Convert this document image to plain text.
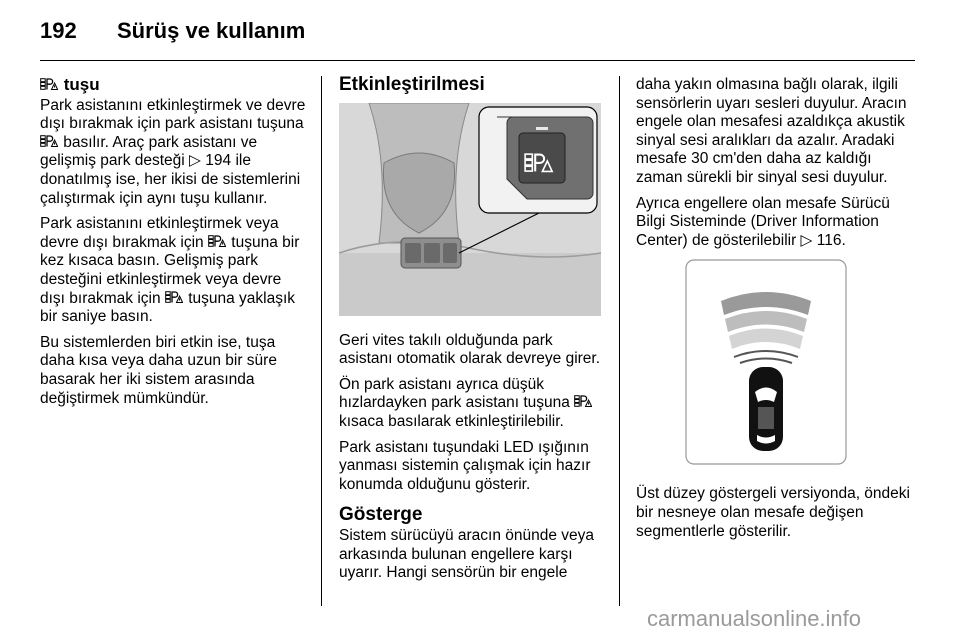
192 Sürüş ve kullanım
tuşu

Park asistanını etkinleştirmek ve devre dışı bırakmak için park asistanı tuşuna  basılır. Araç park asistanı ve gelişmiş park desteği ▷ 194 ile donatılmış ise, her ikisi de sistemlerini çalıştırmak için aynı tuşu kullanır.

Park asistanını etkinleştirmek veya devre dışı bırakmak için  tuşuna bir kez kısaca basın. Gelişmiş park desteğini etkinleştirmek veya devre dışı bırakmak için  tuşuna yaklaşık bir saniye basın.

Bu sistemlerden biri etkin ise, tuşa daha kısa veya daha uzun bir süre basarak her iki sistem arasında değiştirmek mümkündür.

Etkinleştirilmesi

Geri vites takılı olduğunda park asistanı otomatik olarak devreye girer.

Ön park asistanı ayrıca düşük hızlardayken park asistanı tuşuna  kısaca basılarak etkinleştirilebilir.

Park asistanı tuşundaki LED ışığının yanması sistemin çalışmak için hazır konumda olduğunu gösterir.

Gösterge

Sistem sürücüyü aracın önünde veya arkasında bulunan engellere karşı uyarır. Hangi sensörün bir engele

daha yakın olmasına bağlı olarak, ilgili sensörlerin uyarı sesleri duyulur. Aracın engele olan mesafesi azaldıkça akustik sinyal sesi aralıkları da azalır. Aradaki mesafe 30 cm'den daha az kaldığı zaman sürekli bir sinyal sesi duyulur.

Ayrıca engellere olan mesafe Sürücü Bilgi Sisteminde (Driver Information Center) de gösterilebilir ▷ 116.

Üst düzey göstergeli versiyonda, öndeki bir nesneye olan mesafe değişen segmentlerle gösterilir.

carmanualsonline.info
